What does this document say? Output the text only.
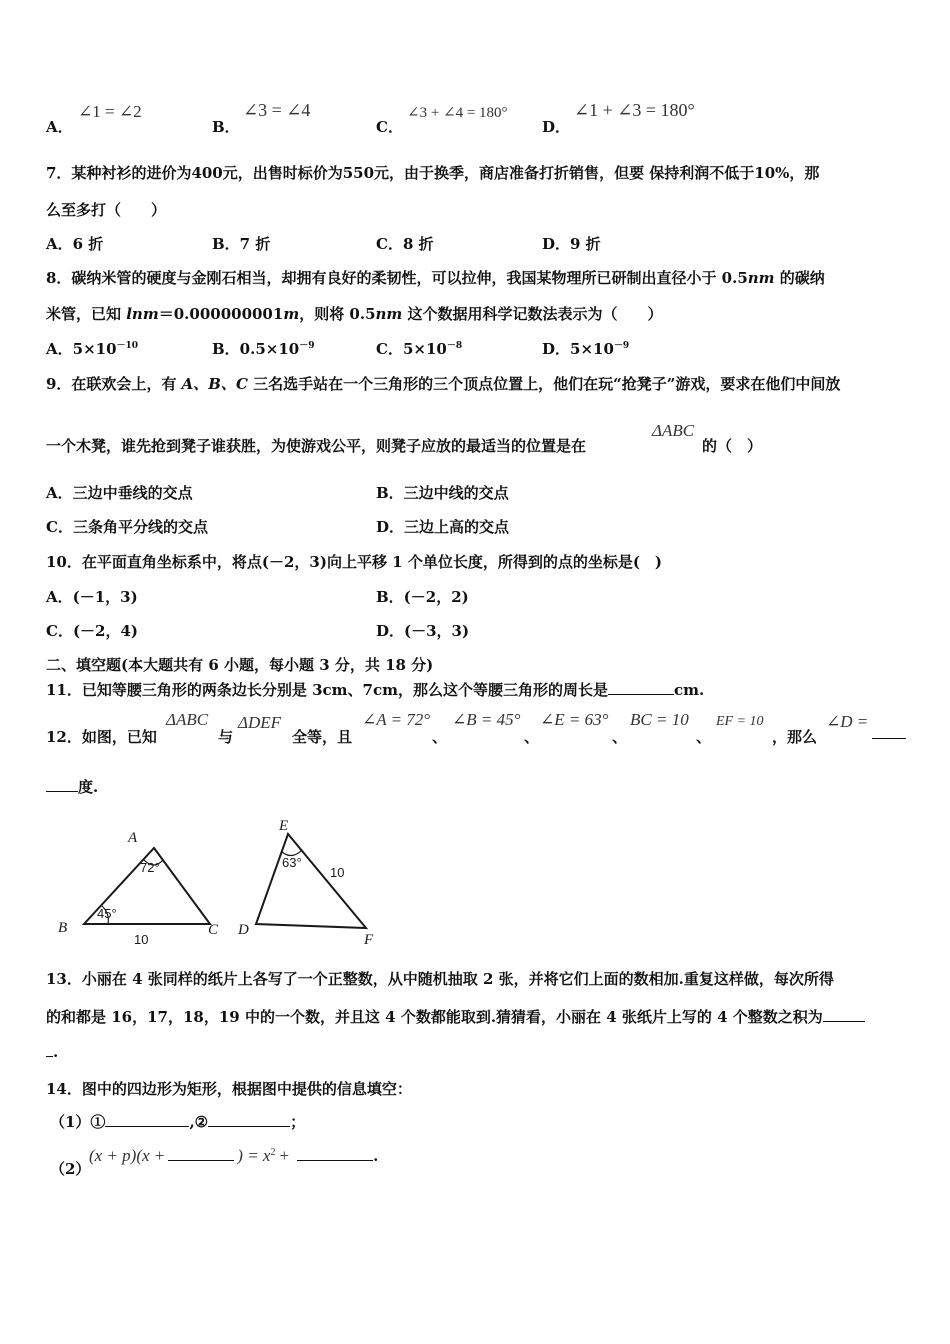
A．
∠1 = ∠2
B．
∠3 = ∠4
C．
∠3 + ∠4 = 180°
D．
∠1 + ∠3 = 180°
7．某种衬衫的进价为400元，出售时标价为550元，由于换季，商店准备打折销售，但要 保持利润不低于10%，那
么至多打（　　）
A．6 折	B．7 折	C．8 折	D．9 折
8．碳纳米管的硬度与金刚石相当，却拥有良好的柔韧性，可以拉伸，我国某物理所已研制出直径小于 0.5nm 的碳纳
米管，已知 lnm＝0.000000001m，则将 0.5nm 这个数据用科学记数法表示为（　　）
A．$5\times 10^{-10}$	B．$0.5\times 10^{-9}$	C．$5\times 10^{-8}$	D．$5\times 10^{-9}$
9．在联欢会上，有 A、B、C 三名选手站在一个三角形的三个顶点位置上，他们在玩“抢凳子”游戏，要求在他们中间放
一个木凳，谁先抢到凳子谁获胜，为使游戏公平，则凳子应放的最适当的位置是在
ΔABC
的（　）
A．三边中垂线的交点	B．三边中线的交点
C．三条角平分线的交点	D．三边上高的交点
10．在平面直角坐标系中，将点(－2，3)向上平移 1 个单位长度，所得到的点的坐标是(　)
A．(－1，3)	B．(－2，2)
C．(－2，4)	D．(－3，3)
二、填空题(本大题共有 6 小题，每小题 3 分，共 18 分)
11．已知等腰三角形的两条边长分别是 3cm、7cm，那么这个等腰三角形的周长是	cm.
12．如图，已知
ΔABC
与
ΔDEF
全等，且
∠A = 72°
、
∠B = 45°
、
∠E = 63°
、
BC = 10
、
EF = 10
，那么
∠D =
度.
A
B	C
E
D
F
72°
45°
10
63°
10
13．小丽在 4 张同样的纸片上各写了一个正整数，从中随机抽取 2 张，并将它们上面的数相加.重复这样做，每次所得
的和都是 16，17，18，19 中的一个数，并且这 4 个数都能取到.猜猜看，小丽在 4 张纸片上写的 4 个整数之积为
.
14．图中的四边形为矩形，根据图中提供的信息填空：
（1）①	,②	；
（2）
(x + p)(x +	) = $x^2$ +	.
